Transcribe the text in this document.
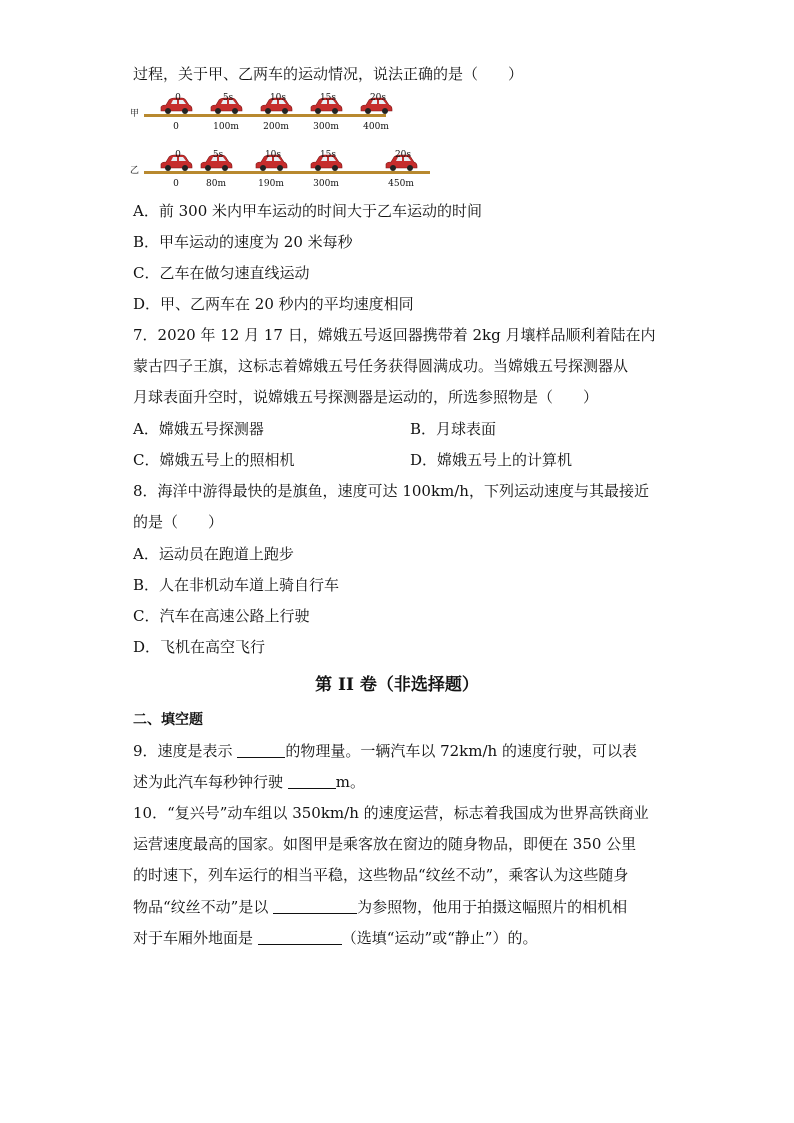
过程，关于甲、乙两车的运动情况，说法正确的是（　　）
甲
0
0
5s
100m
10s
200m
15s
300m
20s
400m
乙
0
0
5s
80m
10s
190m
15s
300m
20s
450m
A．前 300 米内甲车运动的时间大于乙车运动的时间
B．甲车运动的速度为 20 米每秒
C．乙车在做匀速直线运动
D．甲、乙两车在 20 秒内的平均速度相同
7．2020 年 12 月 17 日，嫦娥五号返回器携带着 2kg 月壤样品顺利着陆在内
蒙古四子王旗，这标志着嫦娥五号任务获得圆满成功。当嫦娥五号探测器从
月球表面升空时，说嫦娥五号探测器是运动的，所选参照物是（　　）
A．嫦娥五号探测器	B．月球表面
C．嫦娥五号上的照相机	D．嫦娥五号上的计算机
8．海洋中游得最快的是旗鱼，速度可达 100km/h，下列运动速度与其最接近
的是（　　）
A．运动员在跑道上跑步
B．人在非机动车道上骑自行车
C．汽车在高速公路上行驶
D．飞机在高空飞行
第 II 卷（非选择题）
二、填空题
9．速度是表示	的物理量。一辆汽车以 72km/h 的速度行驶，可以表
述为此汽车每秒钟行驶	m。
10．“复兴号”动车组以 350km/h 的速度运营，标志着我国成为世界高铁商业
运营速度最高的国家。如图甲是乘客放在窗边的随身物品，即便在 350 公里
的时速下，列车运行的相当平稳，这些物品“纹丝不动”，乘客认为这些随身
物品“纹丝不动”是以	为参照物，他用于拍摄这幅照片的相机相
对于车厢外地面是	（选填“运动”或“静止”）的。
